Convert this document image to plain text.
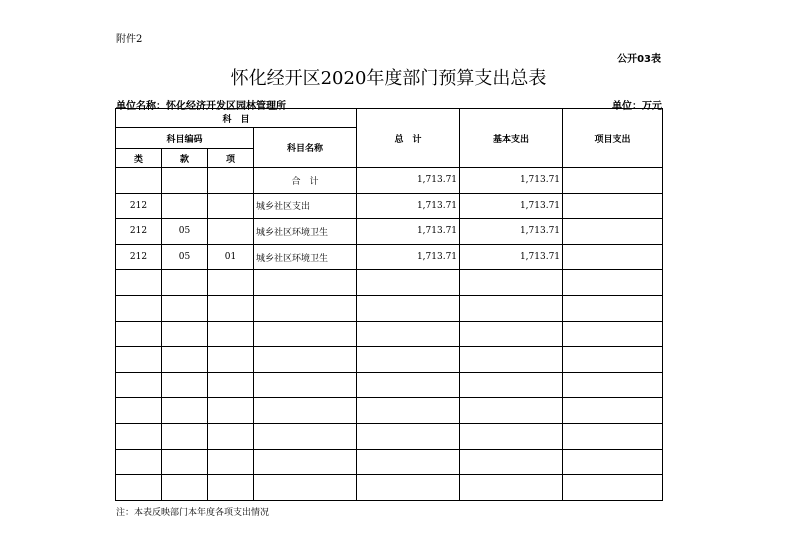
附件2
公开03表
怀化经开区2020年度部门预算支出总表
单位名称：怀化经济开发区园林管理所	单位：万元
科　目				总　计	基本支出	项目支出
科目编码			科目名称			
类	款	项				
			合　计	1,713.71	1,713.71	
212			城乡社区支出	1,713.71	1,713.71	
212	05		城乡社区环境卫生	1,713.71	1,713.71	
212	05	01	城乡社区环境卫生	1,713.71	1,713.71	

注：本表反映部门本年度各项支出情况
